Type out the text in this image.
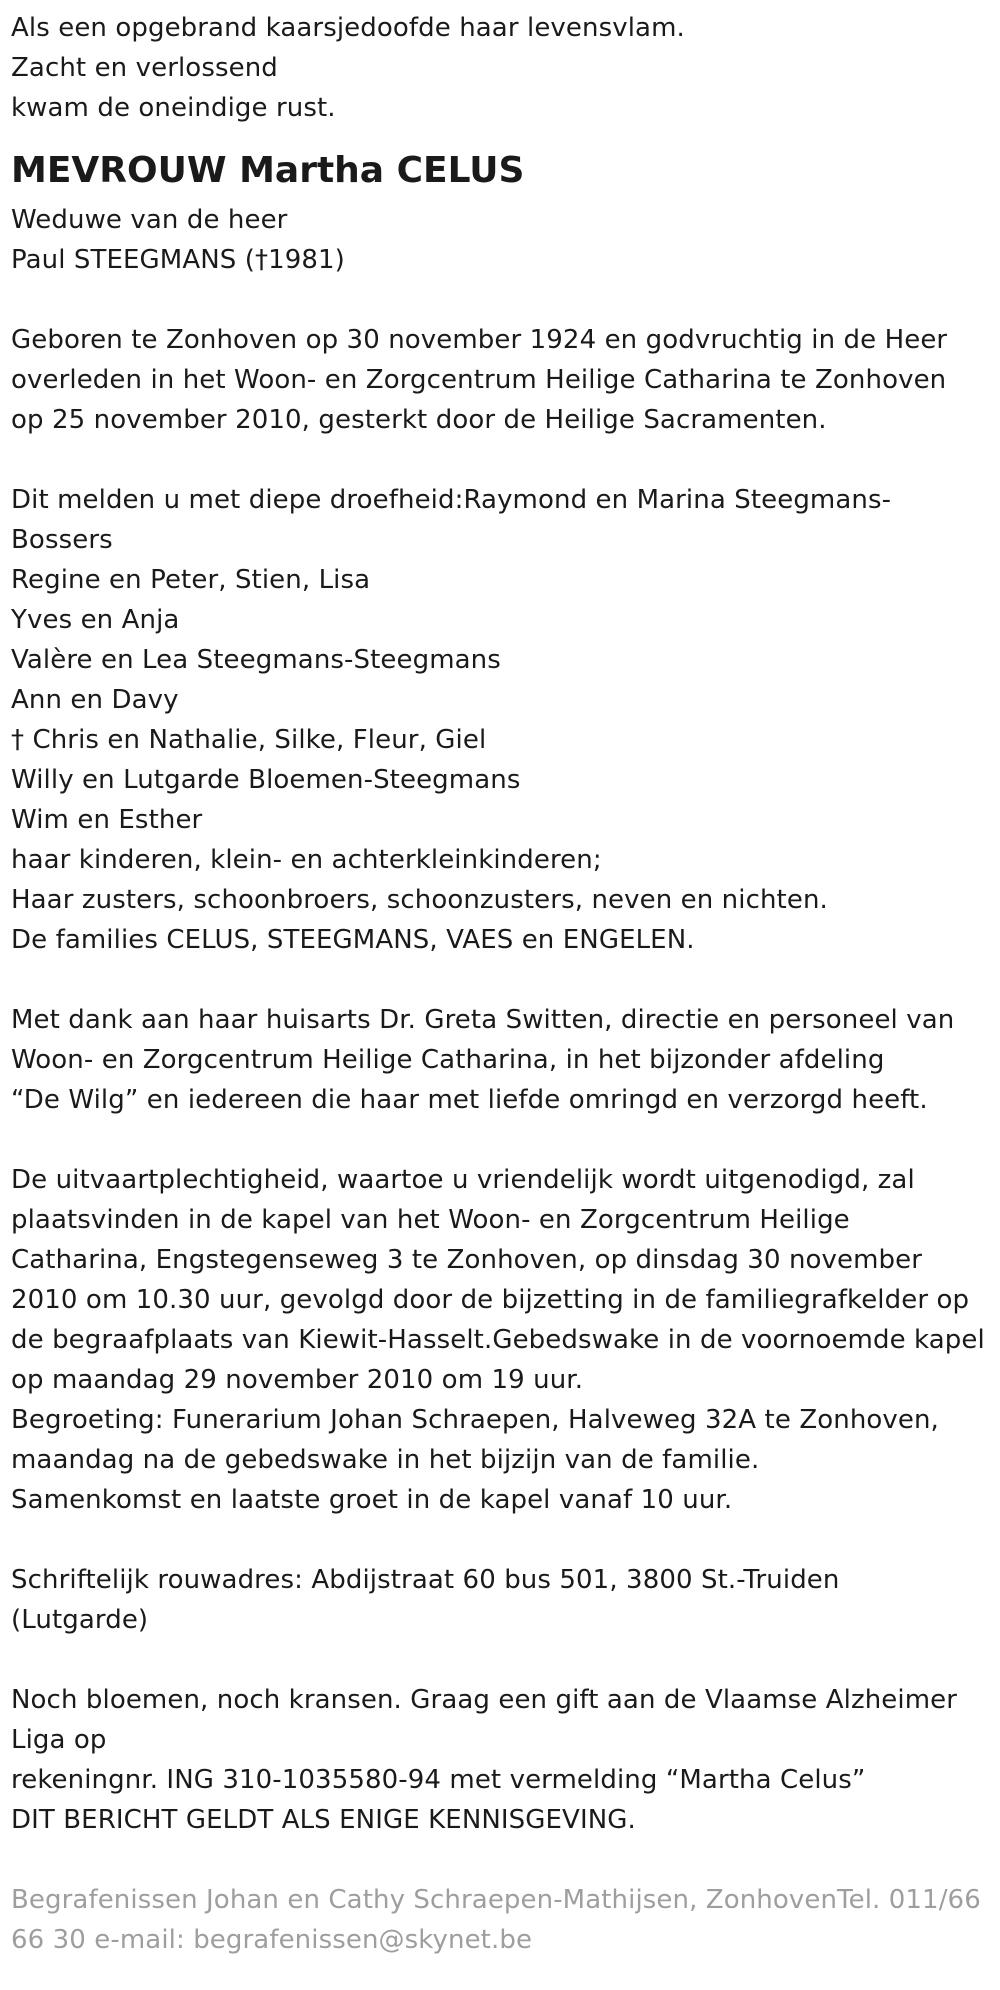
Als een opgebrand kaarsjedoofde haar levensvlam.
Zacht en verlossend
kwam de oneindige rust.
MEVROUW Martha CELUS
Weduwe van de heer
Paul STEEGMANS (†1981)
Geboren te Zonhoven op 30 november 1924 en godvruchtig in de Heer
overleden in het Woon- en Zorgcentrum Heilige Catharina te Zonhoven
op 25 november 2010, gesterkt door de Heilige Sacramenten.
Dit melden u met diepe droefheid:Raymond en Marina Steegmans-
Bossers
Regine en Peter, Stien, Lisa
Yves en Anja
Valère en Lea Steegmans-Steegmans
Ann en Davy
† Chris en Nathalie, Silke, Fleur, Giel
Willy en Lutgarde Bloemen-Steegmans
Wim en Esther
haar kinderen, klein- en achterkleinkinderen;
Haar zusters, schoonbroers, schoonzusters, neven en nichten.
De families CELUS, STEEGMANS, VAES en ENGELEN.
Met dank aan haar huisarts Dr. Greta Switten, directie en personeel van
Woon- en Zorgcentrum Heilige Catharina, in het bijzonder afdeling
“De Wilg” en iedereen die haar met liefde omringd en verzorgd heeft.
De uitvaartplechtigheid, waartoe u vriendelijk wordt uitgenodigd, zal
plaatsvinden in de kapel van het Woon- en Zorgcentrum Heilige
Catharina, Engstegenseweg 3 te Zonhoven, op dinsdag 30 november
2010 om 10.30 uur, gevolgd door de bijzetting in de familiegrafkelder op
de begraafplaats van Kiewit-Hasselt.Gebedswake in de voornoemde kapel
op maandag 29 november 2010 om 19 uur.
Begroeting: Funerarium Johan Schraepen, Halveweg 32A te Zonhoven,
maandag na de gebedswake in het bijzijn van de familie.
Samenkomst en laatste groet in de kapel vanaf 10 uur.
Schriftelijk rouwadres: Abdijstraat 60 bus 501, 3800 St.-Truiden
(Lutgarde)
Noch bloemen, noch kransen. Graag een gift aan de Vlaamse Alzheimer
Liga op
rekeningnr. ING 310-1035580-94 met vermelding “Martha Celus”
DIT BERICHT GELDT ALS ENIGE KENNISGEVING.
Begrafenissen Johan en Cathy Schraepen-Mathijsen, ZonhovenTel. 011/66
66 30 e-mail: begrafenissen@skynet.be
